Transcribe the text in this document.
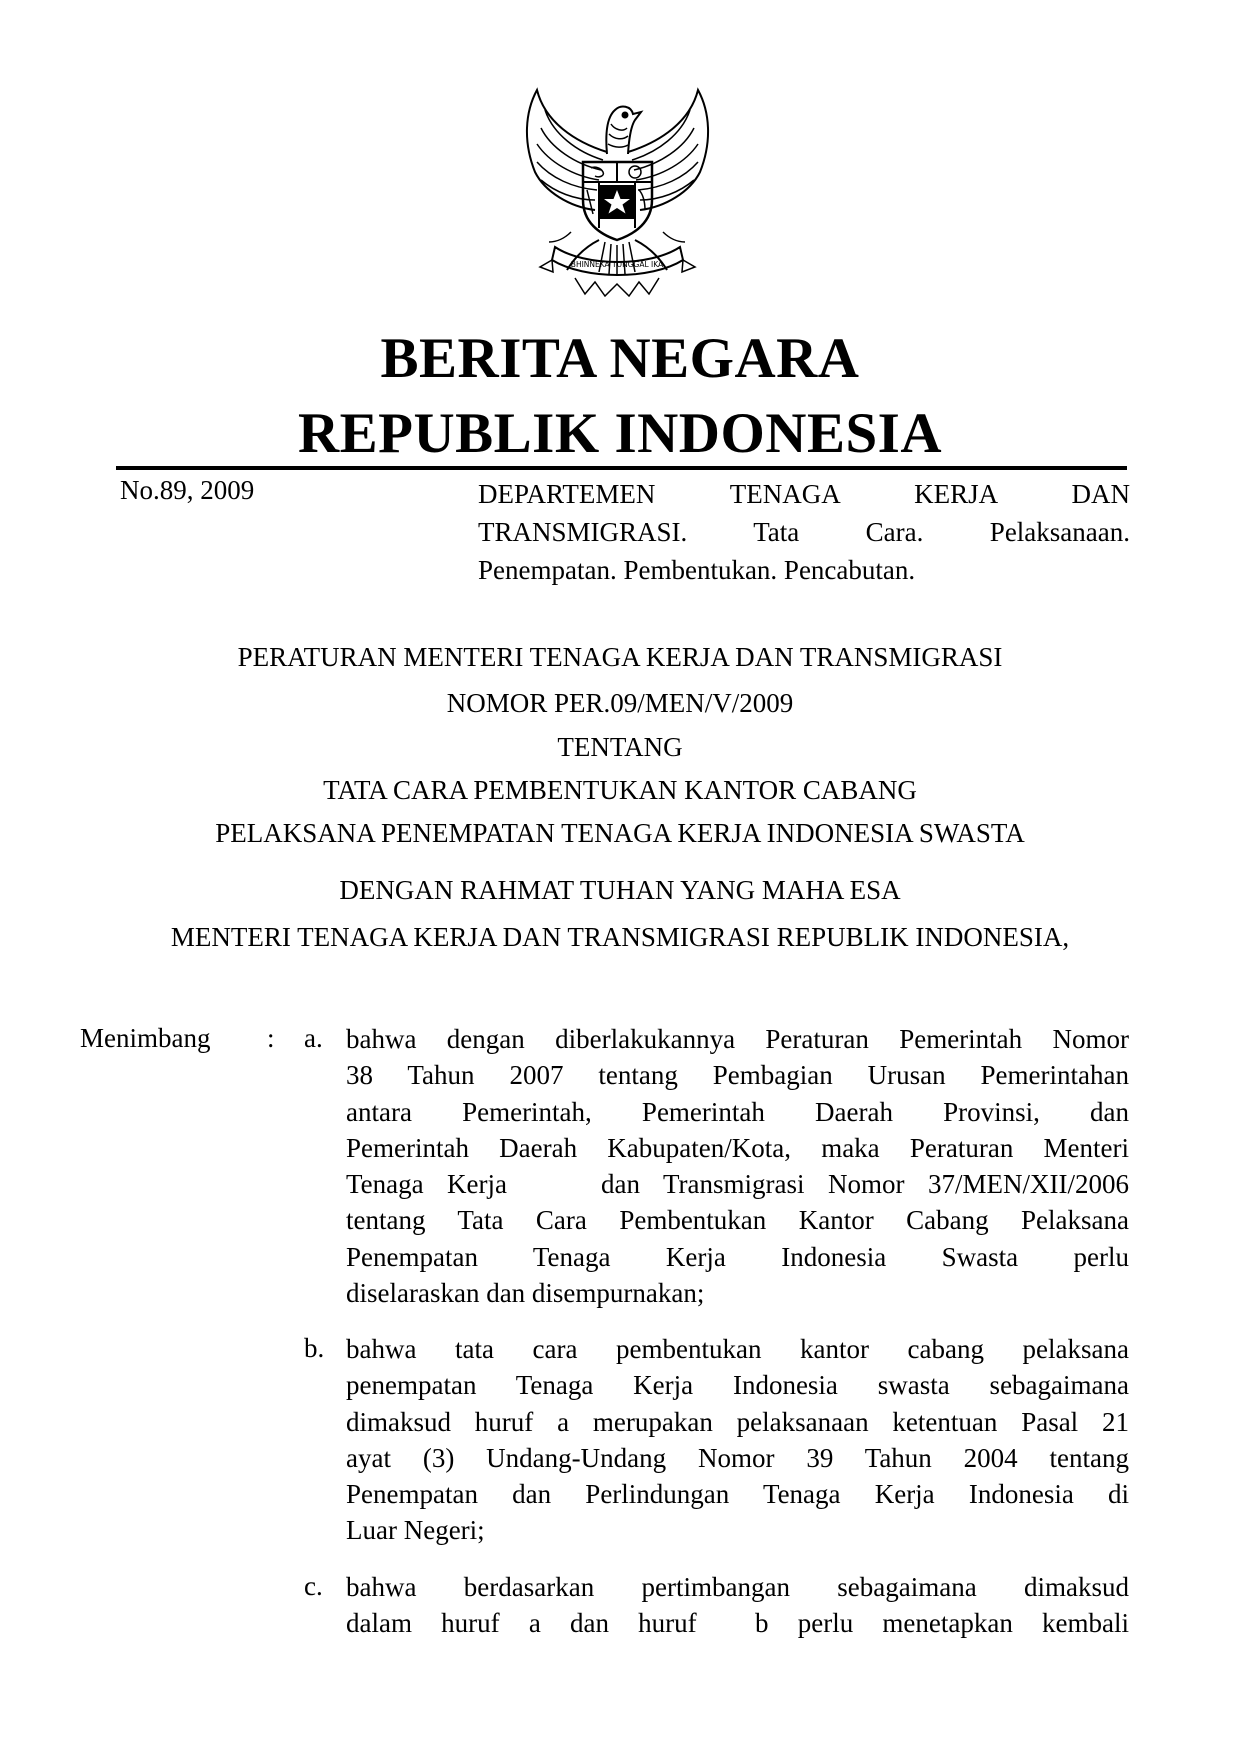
BHINNEKA TUNGGAL IKA
BERITA NEGARA
REPUBLIK INDONESIA
No.89, 2009	DEPARTEMEN TENAGA KERJA DAN
TRANSMIGRASI. Tata Cara. Pelaksanaan.
Penempatan. Pembentukan. Pencabutan.
PERATURAN MENTERI TENAGA KERJA DAN TRANSMIGRASI
NOMOR PER.09/MEN/V/2009
TENTANG
TATA CARA PEMBENTUKAN KANTOR CABANG
PELAKSANA PENEMPATAN TENAGA KERJA INDONESIA SWASTA
DENGAN RAHMAT TUHAN YANG MAHA ESA
MENTERI TENAGA KERJA DAN TRANSMIGRASI REPUBLIK INDONESIA,
Menimbang : a. bahwa dengan diberlakukannya Peraturan Pemerintah Nomor
38 Tahun 2007 tentang Pembagian Urusan Pemerintahan
antara Pemerintah, Pemerintah Daerah Provinsi, dan
Pemerintah Daerah Kabupaten/Kota, maka Peraturan Menteri
Tenaga Kerja    dan Transmigrasi Nomor 37/MEN/XII/2006
tentang Tata Cara Pembentukan Kantor Cabang Pelaksana
Penempatan Tenaga Kerja Indonesia Swasta perlu
diselaraskan dan disempurnakan;
b. bahwa tata cara pembentukan kantor cabang pelaksana
penempatan Tenaga Kerja Indonesia swasta sebagaimana
dimaksud huruf a merupakan pelaksanaan ketentuan Pasal 21
ayat (3) Undang-Undang Nomor 39 Tahun 2004 tentang
Penempatan dan Perlindungan Tenaga Kerja Indonesia di
Luar Negeri;
c. bahwa berdasarkan pertimbangan sebagaimana dimaksud
dalam huruf a dan huruf  b perlu menetapkan kembali
